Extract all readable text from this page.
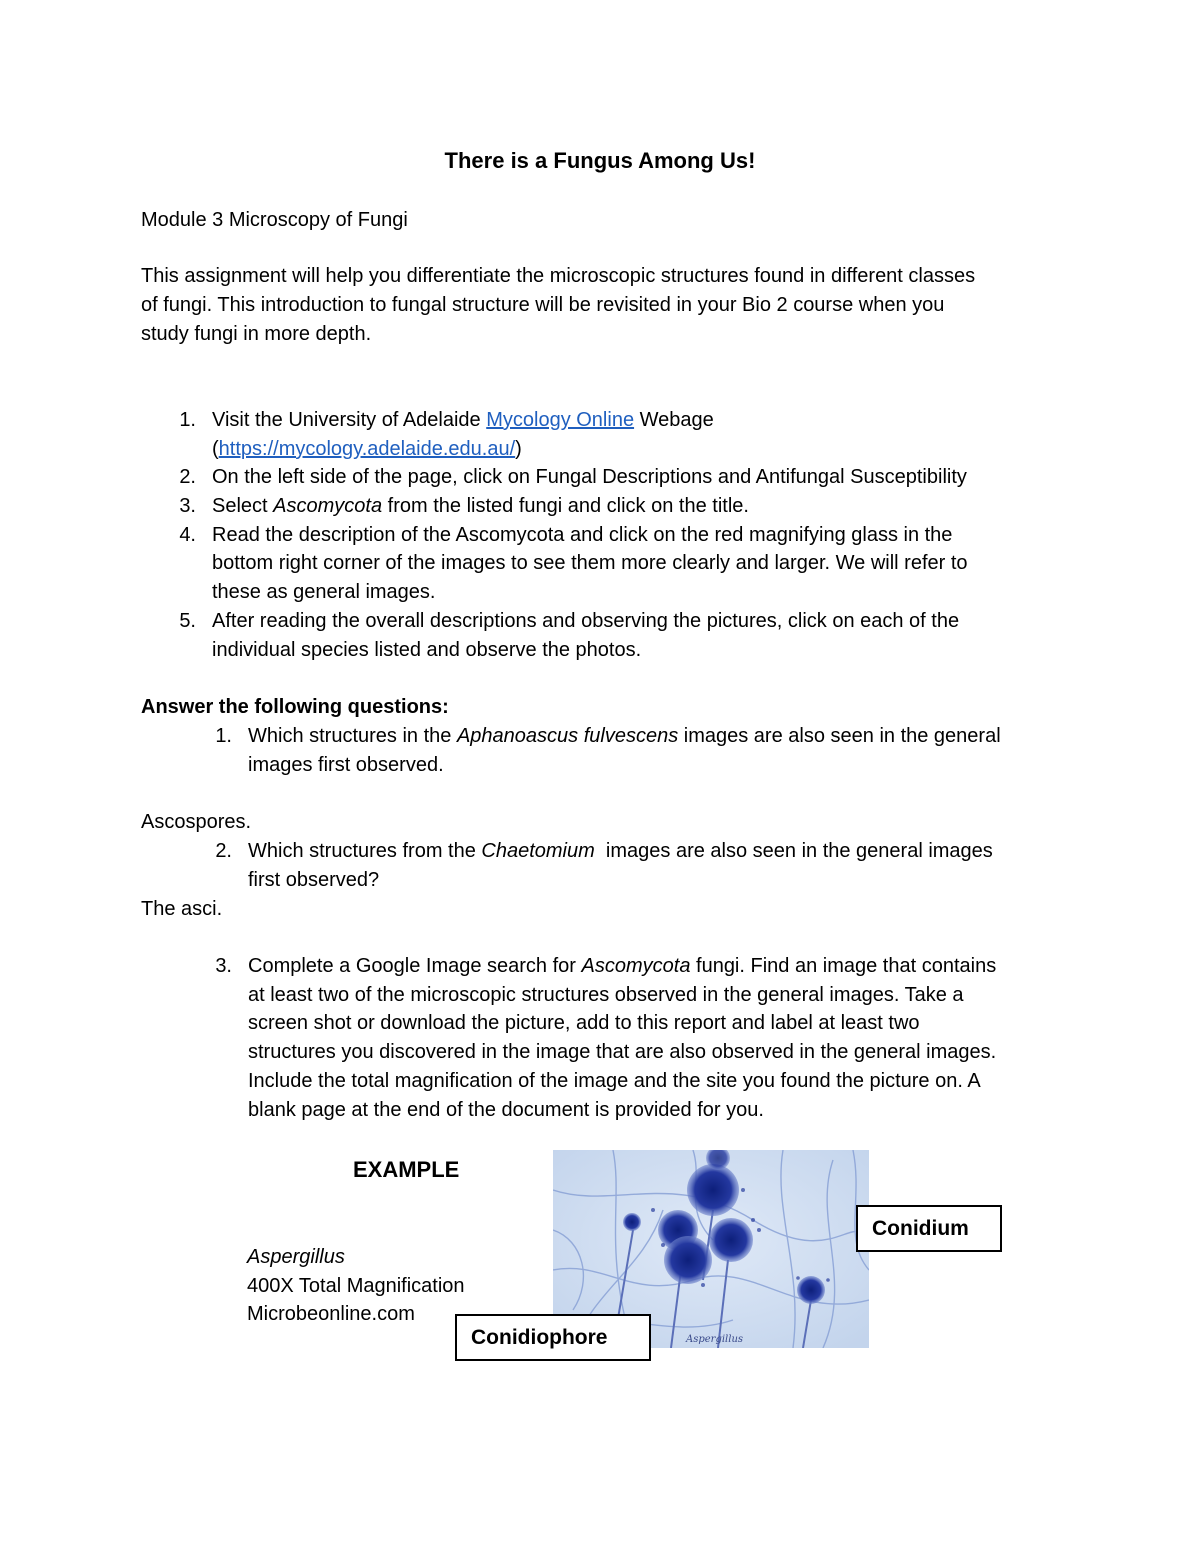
There is a Fungus Among Us!
Module 3 Microscopy of Fungi
This assignment will help you differentiate the microscopic structures found in different classes
of fungi. This introduction to fungal structure will be revisited in your Bio 2 course when you
study fungi in more depth.
1. Visit the University of Adelaide Mycology Online Webage
(https://mycology.adelaide.edu.au/)
2. On the left side of the page, click on Fungal Descriptions and Antifungal Susceptibility
3. Select Ascomycota from the listed fungi and click on the title.
4. Read the description of the Ascomycota and click on the red magnifying glass in the
bottom right corner of the images to see them more clearly and larger. We will refer to
these as general images.
5. After reading the overall descriptions and observing the pictures, click on each of the
individual species listed and observe the photos.
Answer the following questions:
1. Which structures in the Aphanoascus fulvescens images are also seen in the general
images first observed.
Ascospores.
2. Which structures from the Chaetomium  images are also seen in the general images
first observed?
The asci.
3. Complete a Google Image search for Ascomycota fungi. Find an image that contains
at least two of the microscopic structures observed in the general images. Take a
screen shot or download the picture, add to this report and label at least two
structures you discovered in the image that are also observed in the general images.
Include the total magnification of the image and the site you found the picture on. A
blank page at the end of the document is provided for you.
EXAMPLE
Aspergillus
400X Total Magnification
Microbeonline.com
Aspergillus
Conidium
Conidiophore
